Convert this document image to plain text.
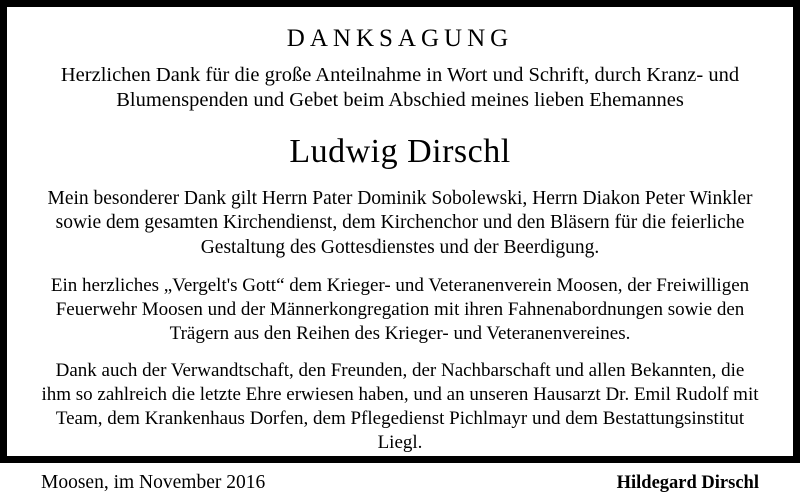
DANKSAGUNG
Herzlichen Dank für die große Anteilnahme in Wort und Schrift, durch Kranz- und Blumenspenden und Gebet beim Abschied meines lieben Ehemannes
Ludwig Dirschl
Mein besonderer Dank gilt Herrn Pater Dominik Sobolewski, Herrn Diakon Peter Winkler sowie dem gesamten Kirchendienst, dem Kirchenchor und den Bläsern für die feierliche Gestaltung des Gottesdienstes und der Beerdigung.
Ein herzliches „Vergelt's Gott“ dem Krieger- und Veteranenverein Moosen, der Freiwilligen Feuerwehr Moosen und der Männerkongregation mit ihren Fahnenabordnungen sowie den Trägern aus den Reihen des Krieger- und Veteranenvereines.
Dank auch der Verwandtschaft, den Freunden, der Nachbarschaft und allen Bekannten, die ihm so zahlreich die letzte Ehre erwiesen haben, und an unseren Hausarzt Dr. Emil Rudolf mit Team, dem Krankenhaus Dorfen, dem Pflegedienst Pichlmayr und dem Bestattungsinstitut Liegl.
Moosen, im November 2016	Hildegard Dirschl
